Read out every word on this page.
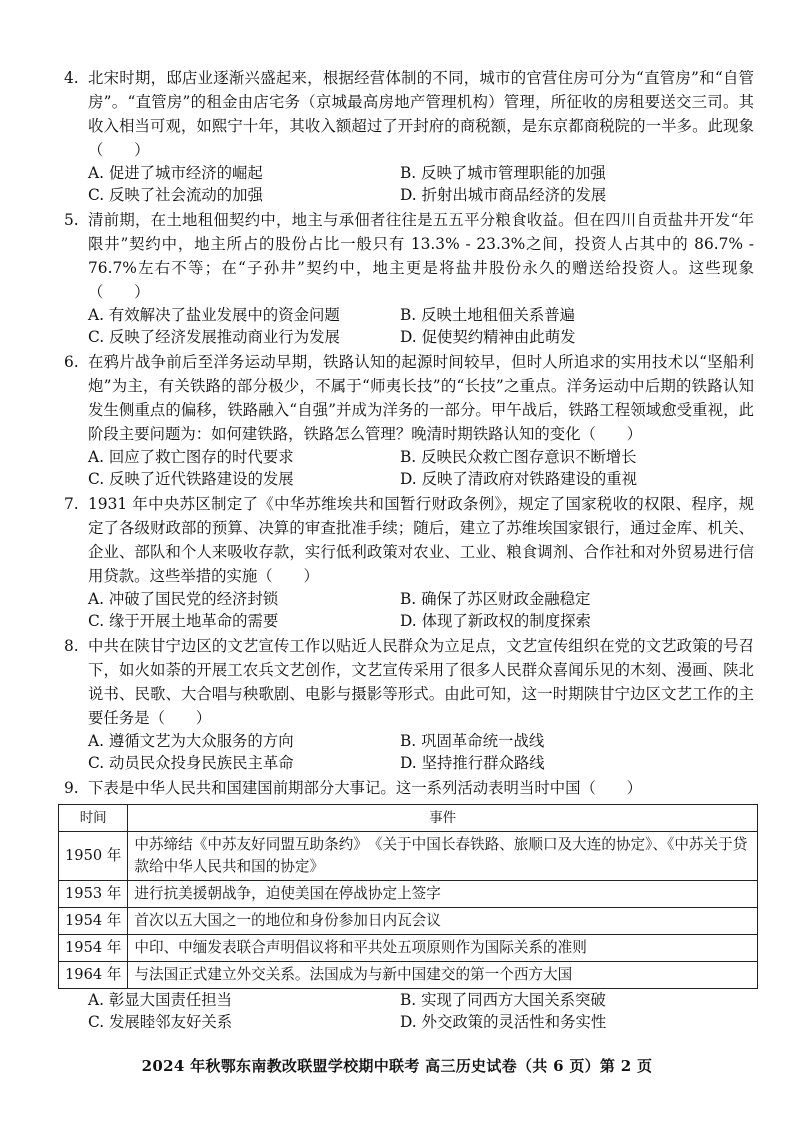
4. 北宋时期，邸店业逐渐兴盛起来，根据经营体制的不同，城市的官营住房可分为“直管房”和“自管房”。“直管房”的租金由店宅务（京城最高房地产管理机构）管理，所征收的房租要送交三司。其收入相当可观，如熙宁十年，其收入额超过了开封府的商税额，是东京都商税院的一半多。此现象（　　）

A. 促进了城市经济的崛起	B. 反映了城市管理职能的加强
C. 反映了社会流动的加强	D. 折射出城市商品经济的发展
5. 清前期，在土地租佃契约中，地主与承佃者往往是五五平分粮食收益。但在四川自贡盐井开发“年限井”契约中，地主所占的股份占比一般只有 13.3% - 23.3%之间，投资人占其中的 86.7% - 76.7%左右不等；在“子孙井”契约中，地主更是将盐井股份永久的赠送给投资人。这些现象（　　）

A. 有效解决了盐业发展中的资金问题	B. 反映土地租佃关系普遍
C. 反映了经济发展推动商业行为发展	D. 促使契约精神由此萌发
6. 在鸦片战争前后至洋务运动早期，铁路认知的起源时间较早，但时人所追求的实用技术以“坚船利炮”为主，有关铁路的部分极少，不属于“师夷长技”的“长技”之重点。洋务运动中后期的铁路认知发生侧重点的偏移，铁路融入“自强”并成为洋务的一部分。甲午战后，铁路工程领域愈受重视，此阶段主要问题为：如何建铁路，铁路怎么管理？晚清时期铁路认知的变化（　　）

A. 回应了救亡图存的时代要求	B. 反映民众救亡图存意识不断增长
C. 反映了近代铁路建设的发展	D. 反映了清政府对铁路建设的重视
7. 1931 年中央苏区制定了《中华苏维埃共和国暂行财政条例》，规定了国家税收的权限、程序，规定了各级财政部的预算、决算的审查批准手续；随后，建立了苏维埃国家银行，通过金库、机关、企业、部队和个人来吸收存款，实行低利政策对农业、工业、粮食调剂、合作社和对外贸易进行信用贷款。这些举措的实施（　　）

A. 冲破了国民党的经济封锁	B. 确保了苏区财政金融稳定
C. 缘于开展土地革命的需要	D. 体现了新政权的制度探索
8. 中共在陕甘宁边区的文艺宣传工作以贴近人民群众为立足点，文艺宣传组织在党的文艺政策的号召下，如火如荼的开展工农兵文艺创作，文艺宣传采用了很多人民群众喜闻乐见的木刻、漫画、陕北说书、民歌、大合唱与秧歌剧、电影与摄影等形式。由此可知，这一时期陕甘宁边区文艺工作的主要任务是（　　）

A. 遵循文艺为大众服务的方向	B. 巩固革命统一战线
C. 动员民众投身民族民主革命	D. 坚持推行群众路线
9. 下表是中华人民共和国建国前期部分大事记。这一系列活动表明当时中国（　　）

时间	事件
1950 年	中苏缔结《中苏友好同盟互助条约》　《关于中国长春铁路、旅顺口及大连的协定》、《中苏关于贷款给中华人民共和国的协定》
1953 年	进行抗美援朝战争，迫使美国在停战协定上签字
1954 年	首次以五大国之一的地位和身份参加日内瓦会议
1954 年	中印、中缅发表联合声明倡议将和平共处五项原则作为国际关系的准则
1964 年	与法国正式建立外交关系。法国成为与新中国建交的第一个西方大国
A. 彰显大国责任担当	B. 实现了同西方大国关系突破
C. 发展睦邻友好关系	D. 外交政策的灵活性和务实性
2024 年秋鄂东南教改联盟学校期中联考 高三历史试卷（共 6 页）第 2 页
